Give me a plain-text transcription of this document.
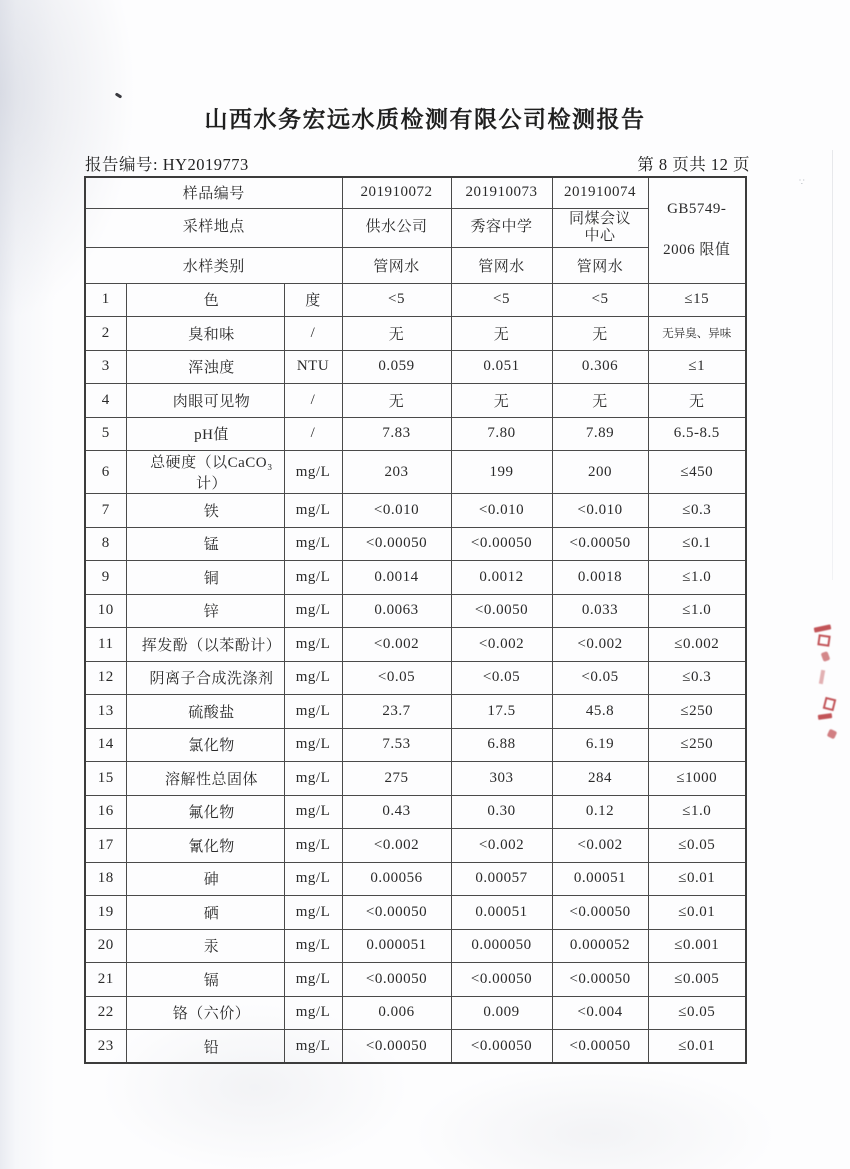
山西水务宏远水质检测有限公司检测报告
报告编号: HY2019773	第 8 页共 12 页
∵
样品编号			201910072	201910073	201910074	GB5749-
2006 限值

采样地点			供水公司	秀容中学	同煤会议中心	
水样类别			管网水	管网水	管网水	
1	色	度	<5	<5	<5	≤15
2	臭和味	/	无	无	无	无异臭、异味
3	浑浊度	NTU	0.059	0.051	0.306	≤1
4	肉眼可见物	/	无	无	无	无
5	pH值	/	7.83	7.80	7.89	6.5-8.5
6	总硬度（以CaCO₃计）	mg/L	203	199	200	≤450
7	铁	mg/L	<0.010	<0.010	<0.010	≤0.3
8	锰	mg/L	<0.00050	<0.00050	<0.00050	≤0.1
9	铜	mg/L	0.0014	0.0012	0.0018	≤1.0
10	锌	mg/L	0.0063	<0.0050	0.033	≤1.0
11	挥发酚（以苯酚计）	mg/L	<0.002	<0.002	<0.002	≤0.002
12	阴离子合成洗涤剂	mg/L	<0.05	<0.05	<0.05	≤0.3
13	硫酸盐	mg/L	23.7	17.5	45.8	≤250
14	氯化物	mg/L	7.53	6.88	6.19	≤250
15	溶解性总固体	mg/L	275	303	284	≤1000
16	氟化物	mg/L	0.43	0.30	0.12	≤1.0
17	氰化物	mg/L	<0.002	<0.002	<0.002	≤0.05
18	砷	mg/L	0.00056	0.00057	0.00051	≤0.01
19	硒	mg/L	<0.00050	0.00051	<0.00050	≤0.01
20	汞	mg/L	0.000051	0.000050	0.000052	≤0.001
21	镉	mg/L	<0.00050	<0.00050	<0.00050	≤0.005
22	铬（六价）	mg/L	0.006	0.009	<0.004	≤0.05
23	铅	mg/L	<0.00050	<0.00050	<0.00050	≤0.01
